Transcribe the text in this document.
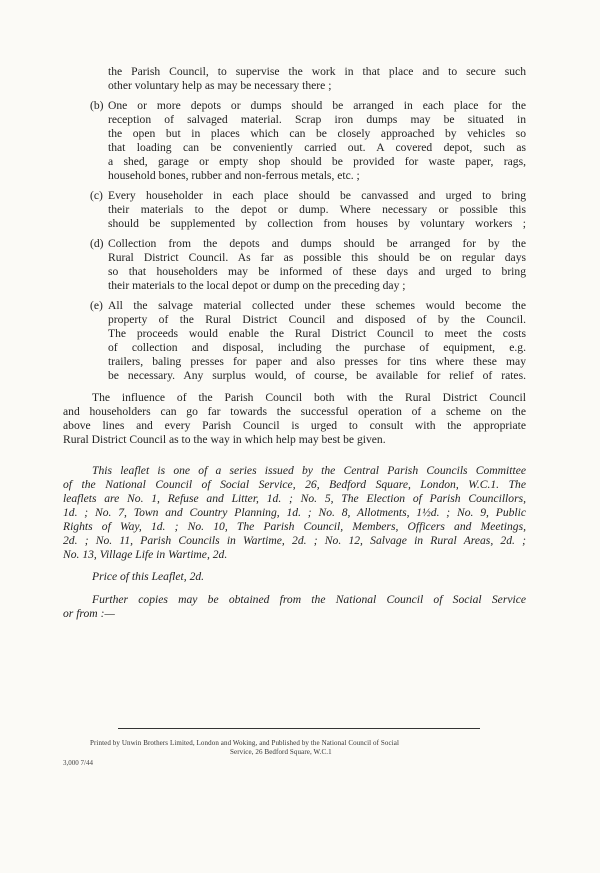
the Parish Council, to supervise the work in that place and to secure such
other voluntary help as may be necessary there ;
(b) One or more depots or dumps should be arranged in each place for the
reception of salvaged material. Scrap iron dumps may be situated in
the open but in places which can be closely approached by vehicles so
that loading can be conveniently carried out. A covered depot, such as
a shed, garage or empty shop should be provided for waste paper, rags,
household bones, rubber and non-ferrous metals, etc. ;
(c) Every householder in each place should be canvassed and urged to bring
their materials to the depot or dump. Where necessary or possible this
should be supplemented by collection from houses by voluntary workers ;
(d) Collection from the depots and dumps should be arranged for by the
Rural District Council. As far as possible this should be on regular days
so that householders may be informed of these days and urged to bring
their materials to the local depot or dump on the preceding day ;
(e) All the salvage material collected under these schemes would become the
property of the Rural District Council and disposed of by the Council.
The proceeds would enable the Rural District Council to meet the costs
of collection and disposal, including the purchase of equipment, e.g.
trailers, baling presses for paper and also presses for tins where these may
be necessary. Any surplus would, of course, be available for relief of rates.
The influence of the Parish Council both with the Rural District Council
and householders can go far towards the successful operation of a scheme on the
above lines and every Parish Council is urged to consult with the appropriate
Rural District Council as to the way in which help may best be given.
This leaflet is one of a series issued by the Central Parish Councils Committee
of the National Council of Social Service, 26, Bedford Square, London, W.C.1. The
leaflets are No. 1, Refuse and Litter, 1d. ; No. 5, The Election of Parish Councillors,
1d. ; No. 7, Town and Country Planning, 1d. ; No. 8, Allotments, 1½d. ; No. 9, Public
Rights of Way, 1d. ; No. 10, The Parish Council, Members, Officers and Meetings,
2d. ; No. 11, Parish Councils in Wartime, 2d. ; No. 12, Salvage in Rural Areas, 2d. ;
No. 13, Village Life in Wartime, 2d.
Price of this Leaflet, 2d.
Further copies may be obtained from the National Council of Social Service
or from :—
Printed by Unwin Brothers Limited, London and Woking, and Published by the National Council of Social
Service, 26 Bedford Square, W.C.1
3,000 7/44
